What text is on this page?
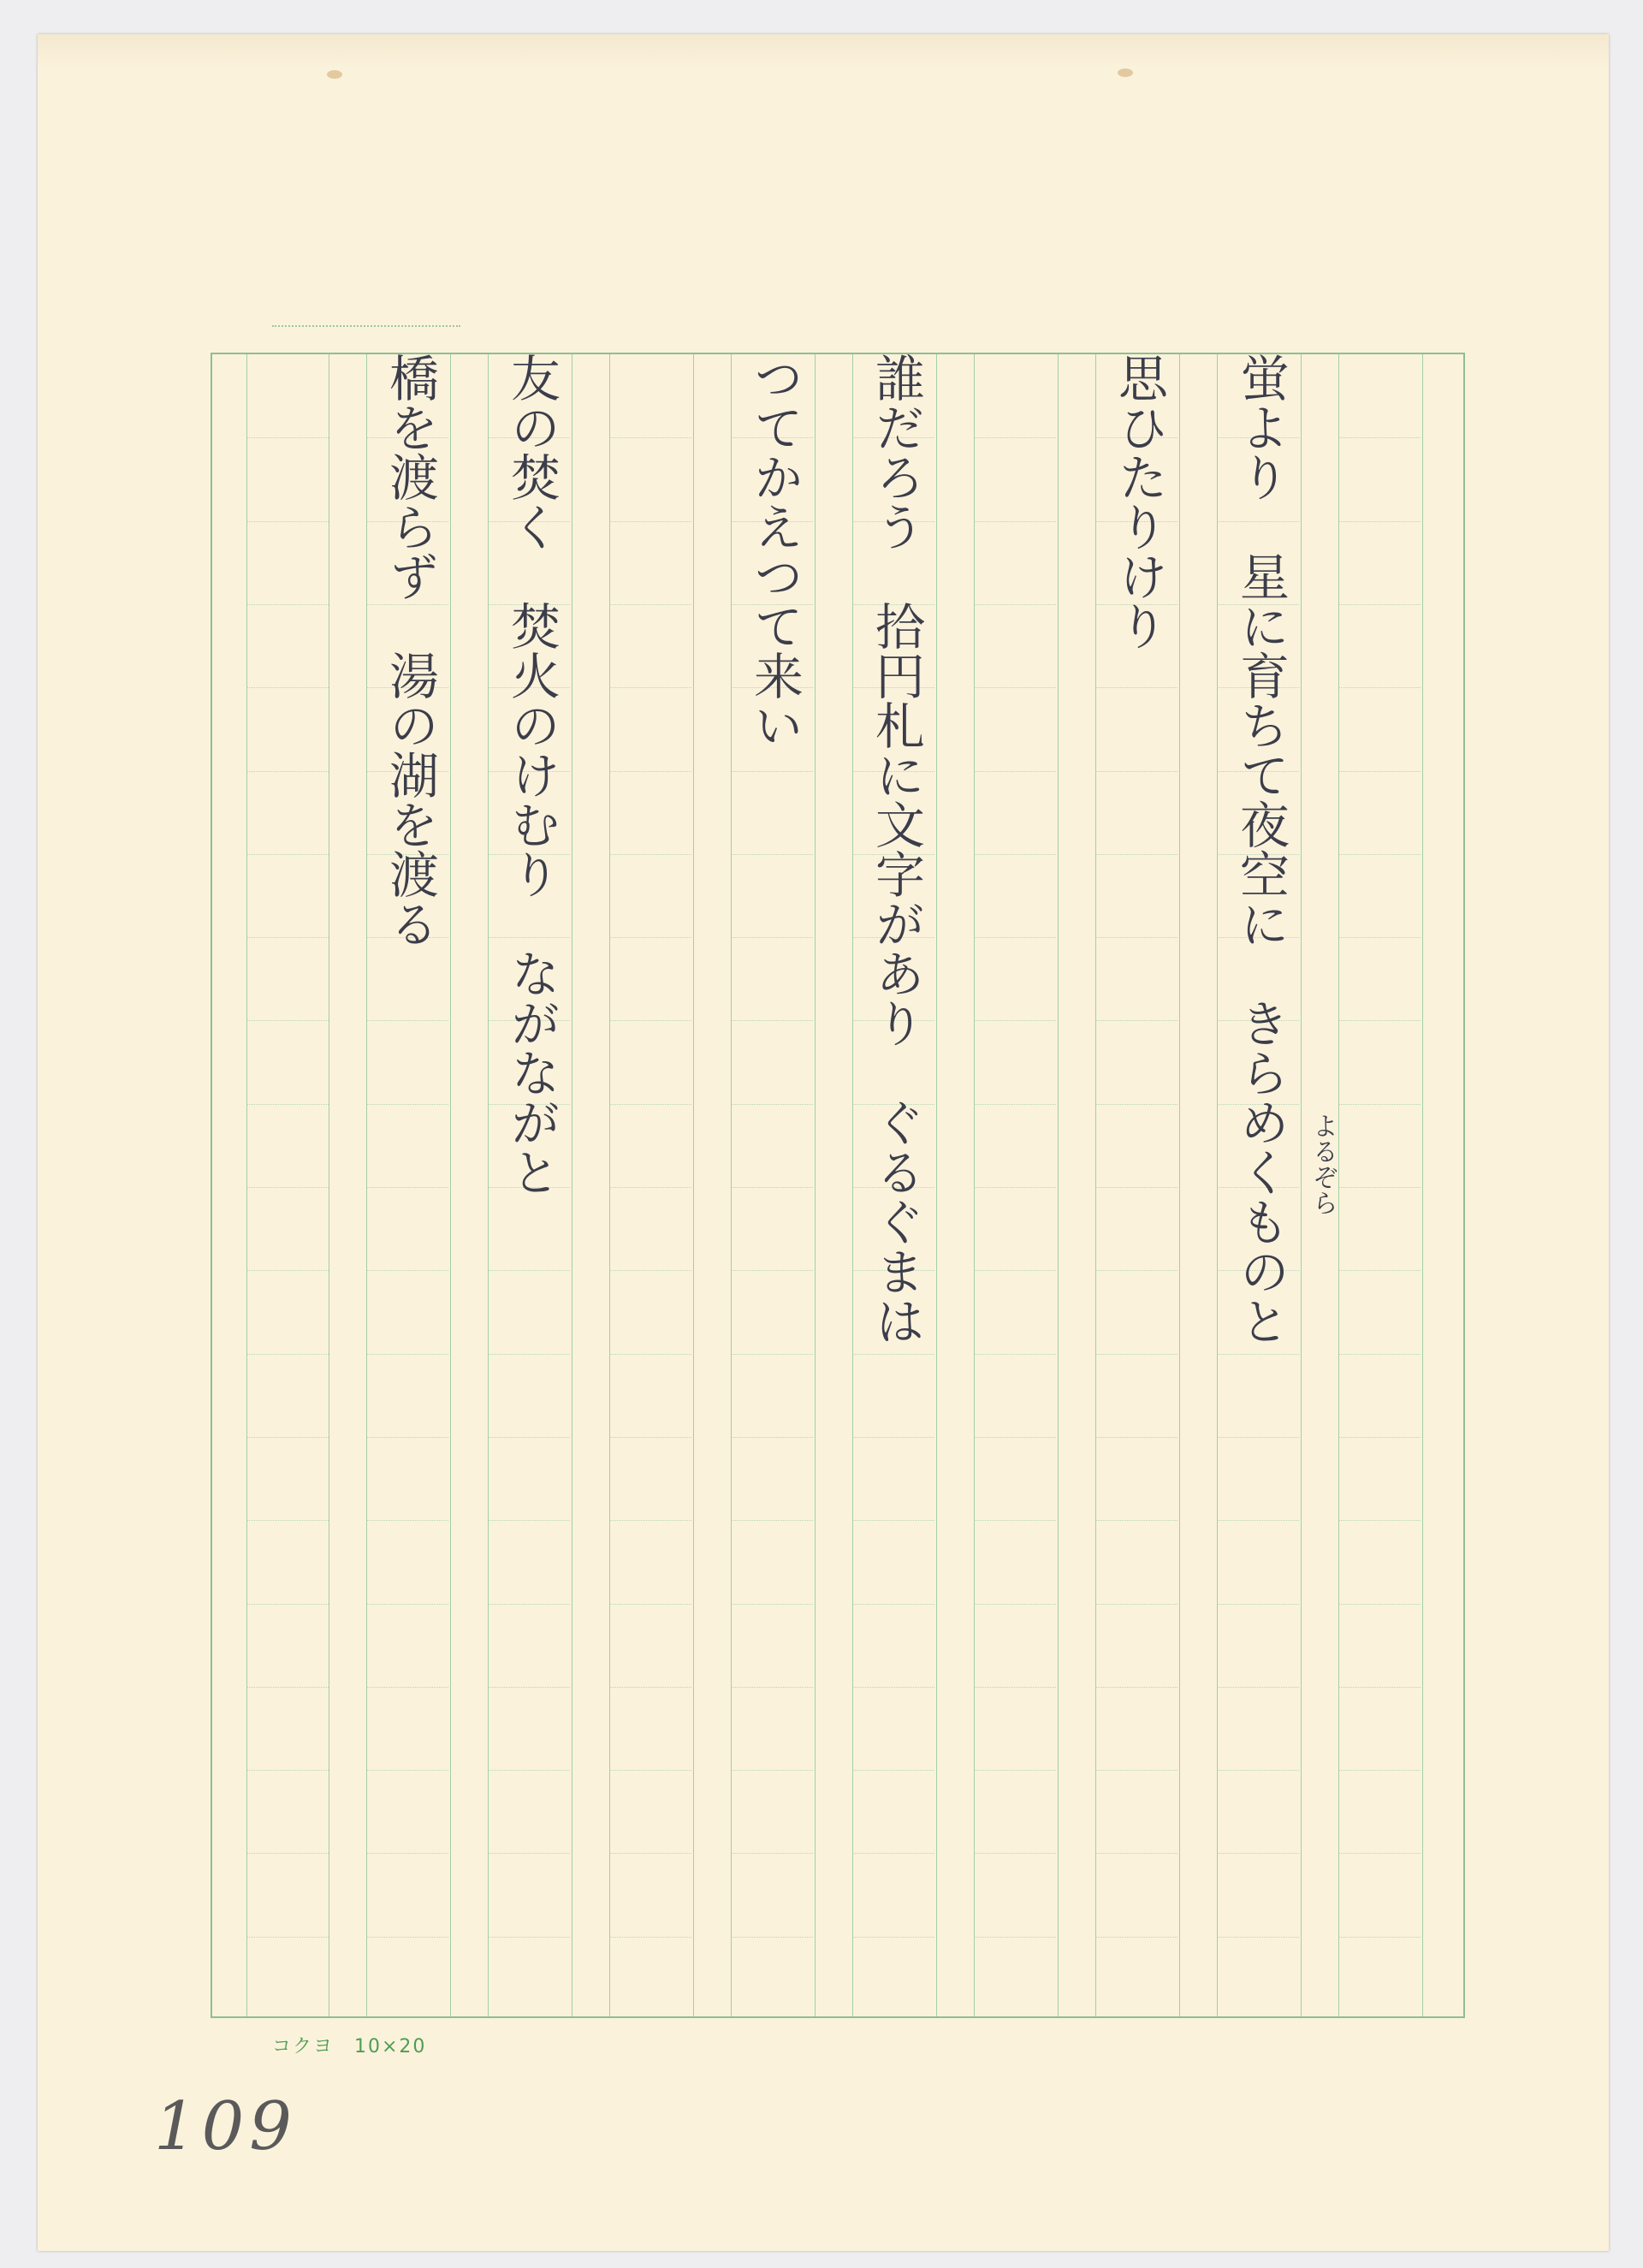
蛍より　星に育ちて夜空に　きらめくものと よるぞら
思ひたりけり
誰だろう　拾円札に文字があり　ぐるぐまは
つてかえつて来い
友の焚く　焚火のけむり　ながながと
橋を渡らず　湯の湖を渡る
コクヨ　10×20
109
